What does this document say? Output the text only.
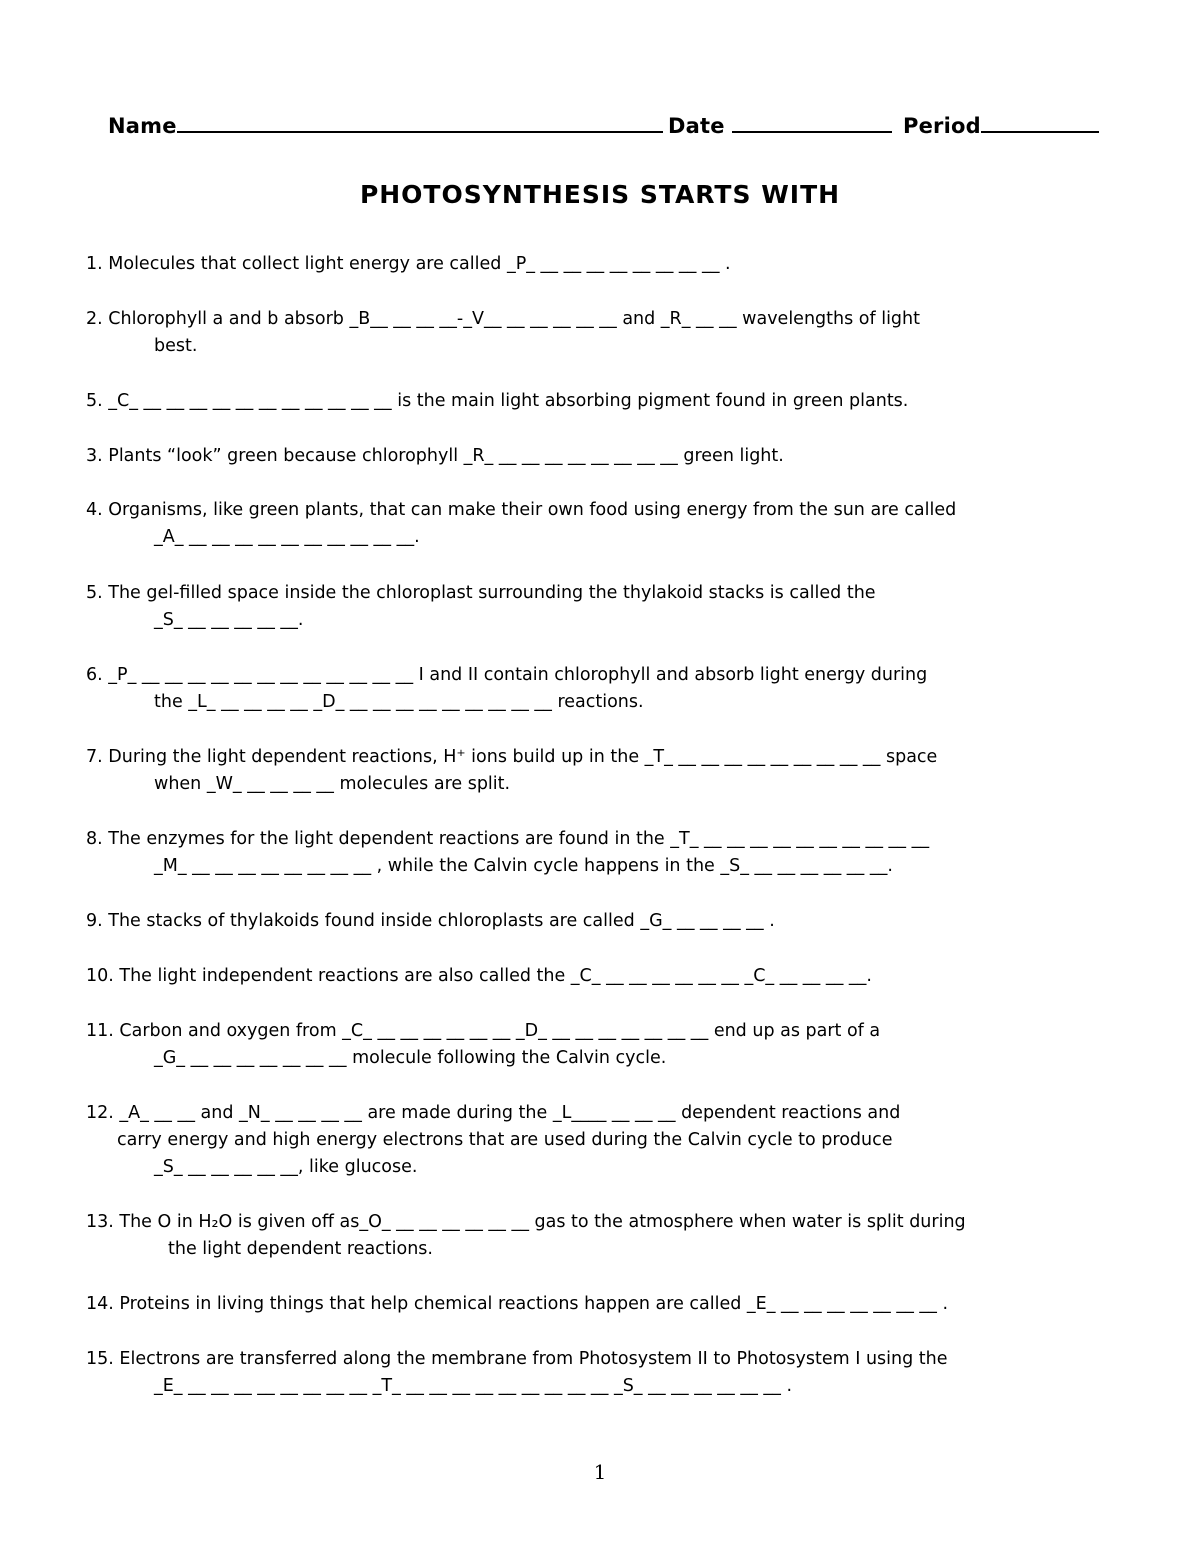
Name	Date	Period
PHOTOSYNTHESIS STARTS WITH
1. Molecules that collect light energy are called _P_ __ __ __ __ __ __ __ __ .
2. Chlorophyll a and b absorb _B__ __ __ __-_V__ __ __ __ __ __ and _R_ __ __ wavelengths of light
best.
5. _C_ __ __ __ __ __ __ __ __ __ __ __ is the main light absorbing pigment found in green plants.
3. Plants “look” green because chlorophyll _R_ __ __ __ __ __ __ __ __ green light.
4. Organisms, like green plants, that can make their own food using energy from the sun are called
_A_ __ __ __ __ __ __ __ __ __ __.
5. The gel-filled space inside the chloroplast surrounding the thylakoid stacks is called the
_S_ __ __ __ __ __.
6. _P_ __ __ __ __ __ __ __ __ __ __ __ __ I and II contain chlorophyll and absorb light energy during
the _L_ __ __ __ __ _D_ __ __ __ __ __ __ __ __ __ reactions.
7. During the light dependent reactions, H⁺ ions build up in the _T_ __ __ __ __ __ __ __ __ __ space
when _W_ __ __ __ __ molecules are split.
8. The enzymes for the light dependent reactions are found in the _T_ __ __ __ __ __ __ __ __ __ __
_M_ __ __ __ __ __ __ __ __ , while the Calvin cycle happens in the _S_ __ __ __ __ __ __.
9. The stacks of thylakoids found inside chloroplasts are called _G_ __ __ __ __ .
10. The light independent reactions are also called the _C_ __ __ __ __ __ __ _C_ __ __ __ __.
11. Carbon and oxygen from _C_ __ __ __ __ __ __ _D_ __ __ __ __ __ __ __ end up as part of a
_G_ __ __ __ __ __ __ __ molecule following the Calvin cycle.
12. _A_ __ __ and _N_ __ __ __ __ are made during the _L____ __ __ __ dependent reactions and
carry energy and high energy electrons that are used during the Calvin cycle to produce
_S_ __ __ __ __ __, like glucose.
13. The O in H₂O is given off as_O_ __ __ __ __ __ __ gas to the atmosphere when water is split during
the light dependent reactions.
14. Proteins in living things that help chemical reactions happen are called _E_ __ __ __ __ __ __ __ .
15. Electrons are transferred along the membrane from Photosystem II to Photosystem I using the
_E_ __ __ __ __ __ __ __ __ _T_ __ __ __ __ __ __ __ __ __ _S_ __ __ __ __ __ __ .
1
